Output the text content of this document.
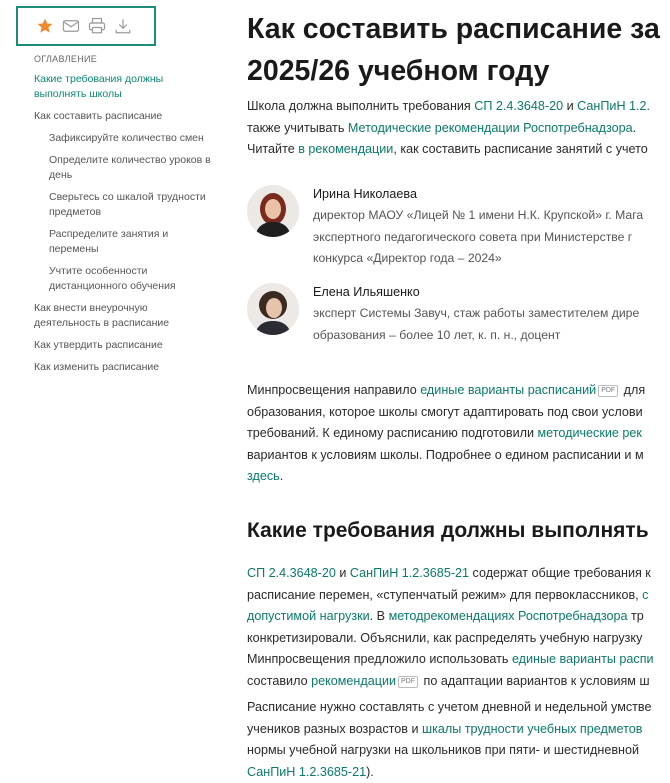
ОГЛАВЛЕНИЕ
Какие требования должны
выполнять школы
Как составить расписание
Зафиксируйте количество смен
Определите количество уроков в
день
Сверьтесь со шкалой трудности
предметов
Распределите занятия и
перемены
Учтите особенности
дистанционного обучения
Как внести внеурочную
деятельность в расписание
Как утвердить расписание
Как изменить расписание
Как составить расписание за
2025/26 учебном году
Школа должна выполнить требования СП 2.4.3648-20 и СанПиН 1.2.
также учитывать Методические рекомендации Роспотребнадзора.
Читайте в рекомендации, как составить расписание занятий с учето
Ирина Николаева
директор МАОУ «Лицей № 1 имени Н.К. Крупской» г. Мага
экспертного педагогического совета при Министерстве г
конкурса «Директор года – 2024»
Елена Ильяшенко
эксперт Системы Завуч, стаж работы заместителем дире
образования – более 10 лет, к. п. н., доцент
Минпросвещения направило единые варианты расписаний PDF для
образования, которое школы смогут адаптировать под свои услови
требований. К единому расписанию подготовили методические рек
вариантов к условиям школы. Подробнее о едином расписании и м
здесь.
Какие требования должны выполнять
СП 2.4.3648-20 и СанПиН 1.2.3685-21 содержат общие требования к
расписание перемен, «ступенчатый режим» для первоклассников, с
допустимой нагрузки. В методрекомендациях Роспотребнадзора тр
конкретизировали. Объяснили, как распределять учебную нагрузку
Минпросвещения предложило использовать единые варианты распи
составило рекомендации PDF по адаптации вариантов к условиям ш
Расписание нужно составлять с учетом дневной и недельной умстве
учеников разных возрастов и шкалы трудности учебных предметов
нормы учебной нагрузки на школьников при пяти- и шестидневной
СанПиН 1.2.3685-21).
